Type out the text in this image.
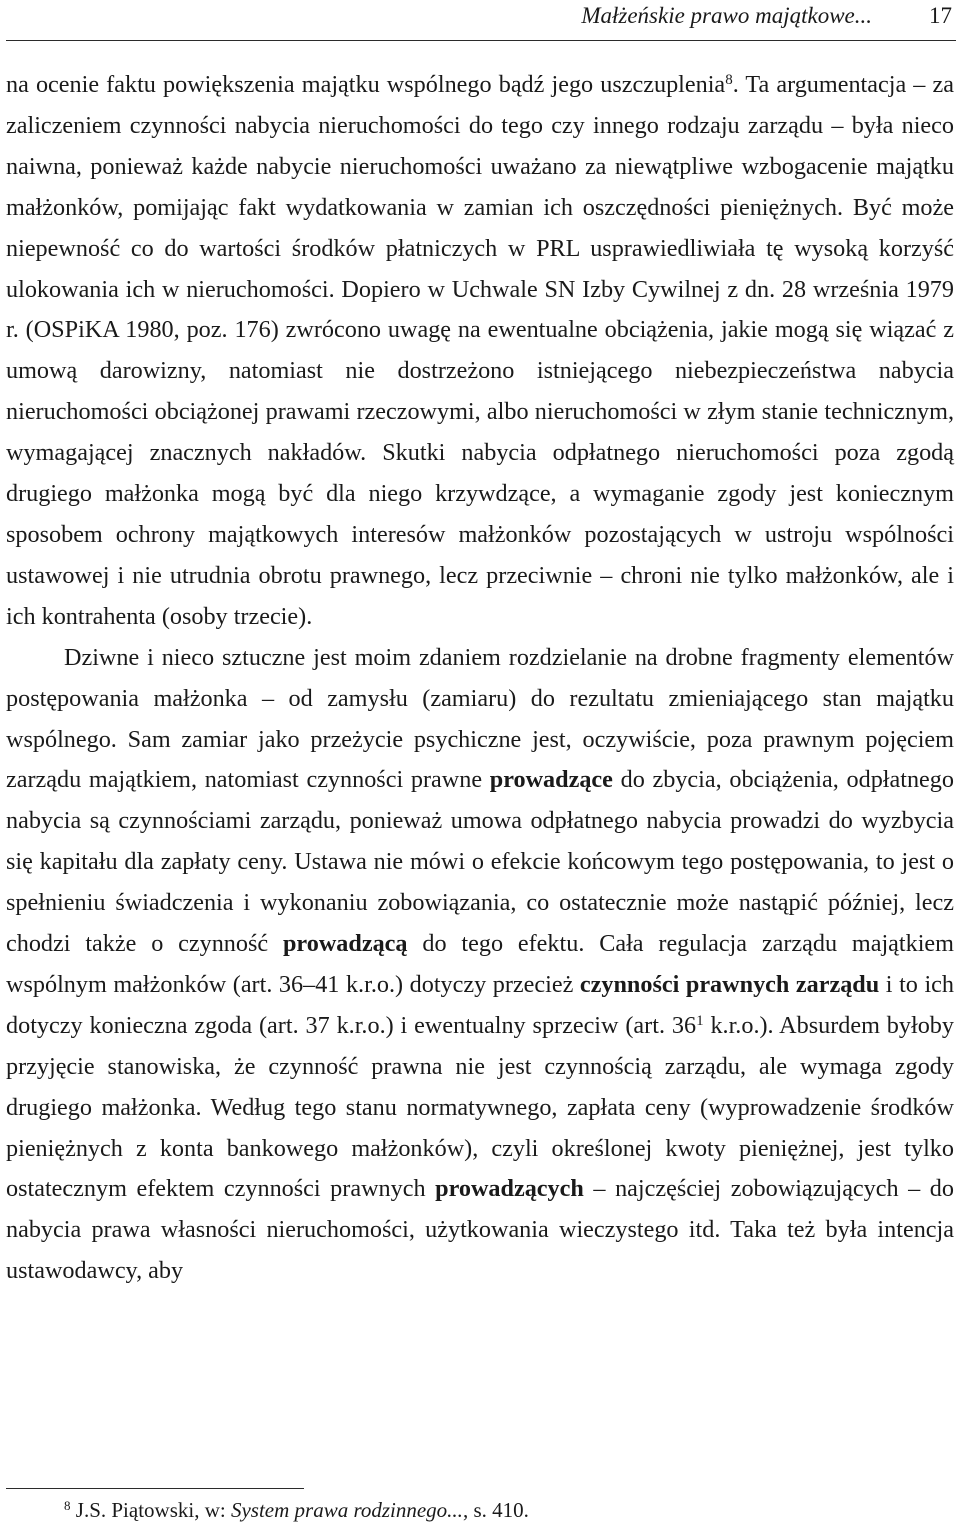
Małżeńskie prawo majątkowe... 17

na ocenie faktu powiększenia majątku wspólnego bądź jego uszczuplenia$^8$. Ta argumentacja – za zaliczeniem czynności nabycia nieruchomości do tego czy innego rodzaju zarządu – była nieco naiwna, ponieważ każde nabycie nieruchomości uważano za niewątpliwe wzbogacenie majątku małżonków, pomijając fakt wydatkowania w zamian ich oszczędności pieniężnych. Być może niepewność co do wartości środków płatniczych w PRL usprawiedliwiała tę wysoką korzyść ulokowania ich w nieruchomości. Dopiero w Uchwale SN Izby Cywilnej z dn. 28 września 1979 r. (OSPiKA 1980, poz. 176) zwrócono uwagę na ewentualne obciążenia, jakie mogą się wiązać z umową darowizny, natomiast nie dostrzeżono istniejącego niebezpieczeństwa nabycia nieruchomości obciążonej prawami rzeczowymi, albo nieruchomości w złym stanie technicznym, wymagającej znacznych nakładów. Skutki nabycia odpłatnego nieruchomości poza zgodą drugiego małżonka mogą być dla niego krzywdzące, a wymaganie zgody jest koniecznym sposobem ochrony majątkowych interesów małżonków pozostających w ustroju wspólności ustawowej i nie utrudnia obrotu prawnego, lecz przeciwnie – chroni nie tylko małżonków, ale i ich kontrahenta (osoby trzecie).

Dziwne i nieco sztuczne jest moim zdaniem rozdzielanie na drobne fragmenty elementów postępowania małżonka – od zamysłu (zamiaru) do rezultatu zmieniającego stan majątku wspólnego. Sam zamiar jako przeżycie psychiczne jest, oczywiście, poza prawnym pojęciem zarządu majątkiem, natomiast czynności prawne prowadzące do zbycia, obciążenia, odpłatnego nabycia są czynnościami zarządu, ponieważ umowa odpłatnego nabycia prowadzi do wyzbycia się kapitału dla zapłaty ceny. Ustawa nie mówi o efekcie końcowym tego postępowania, to jest o spełnieniu świadczenia i wykonaniu zobowiązania, co ostatecznie może nastąpić później, lecz chodzi także o czynność prowadzącą do tego efektu. Cała regulacja zarządu majątkiem wspólnym małżonków (art. 36–41 k.r.o.) dotyczy przecież czynności prawnych zarządu i to ich dotyczy konieczna zgoda (art. 37 k.r.o.) i ewentualny sprzeciw (art. $36^1$ k.r.o.). Absurdem byłoby przyjęcie stanowiska, że czynność prawna nie jest czynnością zarządu, ale wymaga zgody drugiego małżonka. Według tego stanu normatywnego, zapłata ceny (wyprowadzenie środków pieniężnych z konta bankowego małżonków), czyli określonej kwoty pieniężnej, jest tylko ostatecznym efektem czynności prawnych prowadzących – najczęściej zobowiązujących – do nabycia prawa własności nieruchomości, użytkowania wieczystego itd. Taka też była intencja ustawodawcy, aby

$^8$ J.S. Piątowski, w: System prawa rodzinnego..., s. 410.
